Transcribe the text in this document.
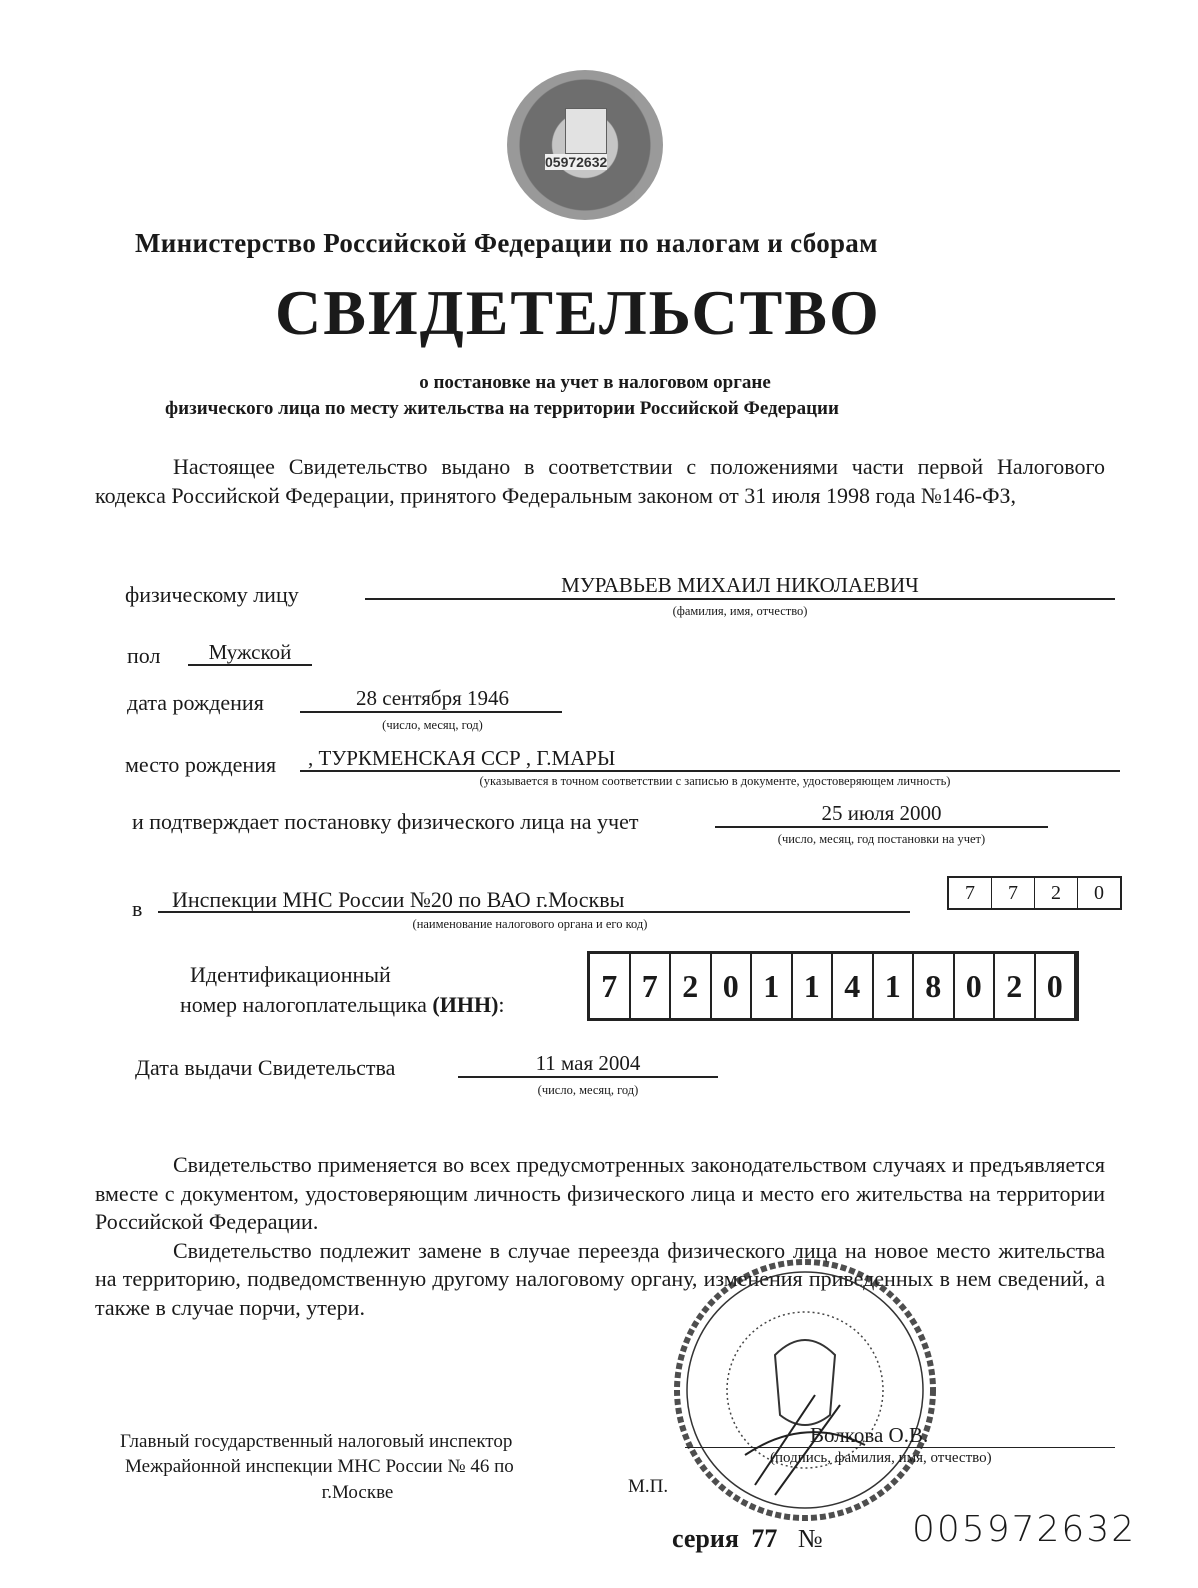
05972632
Министерство Российской Федерации по налогам и сборам
СВИДЕТЕЛЬСТВО
о постановке на учет в налоговом органе
физического лица по месту жительства на территории Российской Федерации

Настоящее Свидетельство выдано в соответствии с положениями части первой Налогового кодекса Российской Федерации, принятого Федеральным законом от 31 июля 1998 года №146-ФЗ,

физическому лицу	МУРАВЬЕВ МИХАИЛ НИКОЛАЕВИЧ
(фамилия, имя, отчество)
пол	Мужской
дата рождения	28 сентября 1946
(число, месяц, год)
место рождения , ТУРКМЕНСКАЯ ССР , Г.МАРЫ
(указывается в точном соответствии с записью в документе, удостоверяющем личность)
и подтверждает постановку физического лица на учет	25 июля 2000
(число, месяц, год постановки на учет)
в Инспекции МНС России №20 по ВАО г.Москвы
(наименование налогового органа и его код)
7	7	2	0
Идентификационный
номер налогоплательщика (ИНН):
7 7 2 0 1 1 4 1 8 0 2 0
Дата выдачи Свидетельства	11 мая 2004
(число, месяц, год)

Свидетельство применяется во всех предусмотренных законодательством случаях и предъявляется вместе с документом, удостоверяющим личность физического лица и место его жительства на территории Российской Федерации.

Свидетельство подлежит замене в случае переезда физического лица на новое место жительства на территорию, подведомственную другому налоговому органу, изменения приведенных в нем сведений, а также в случае порчи, утери.

Главный государственный налоговый инспектор
Межрайонной инспекции МНС России № 46 по
г.Москве
Волкова О.В.
(подпись, фамилия, имя, отчество)
М.П.
серия 77 № 005972632
